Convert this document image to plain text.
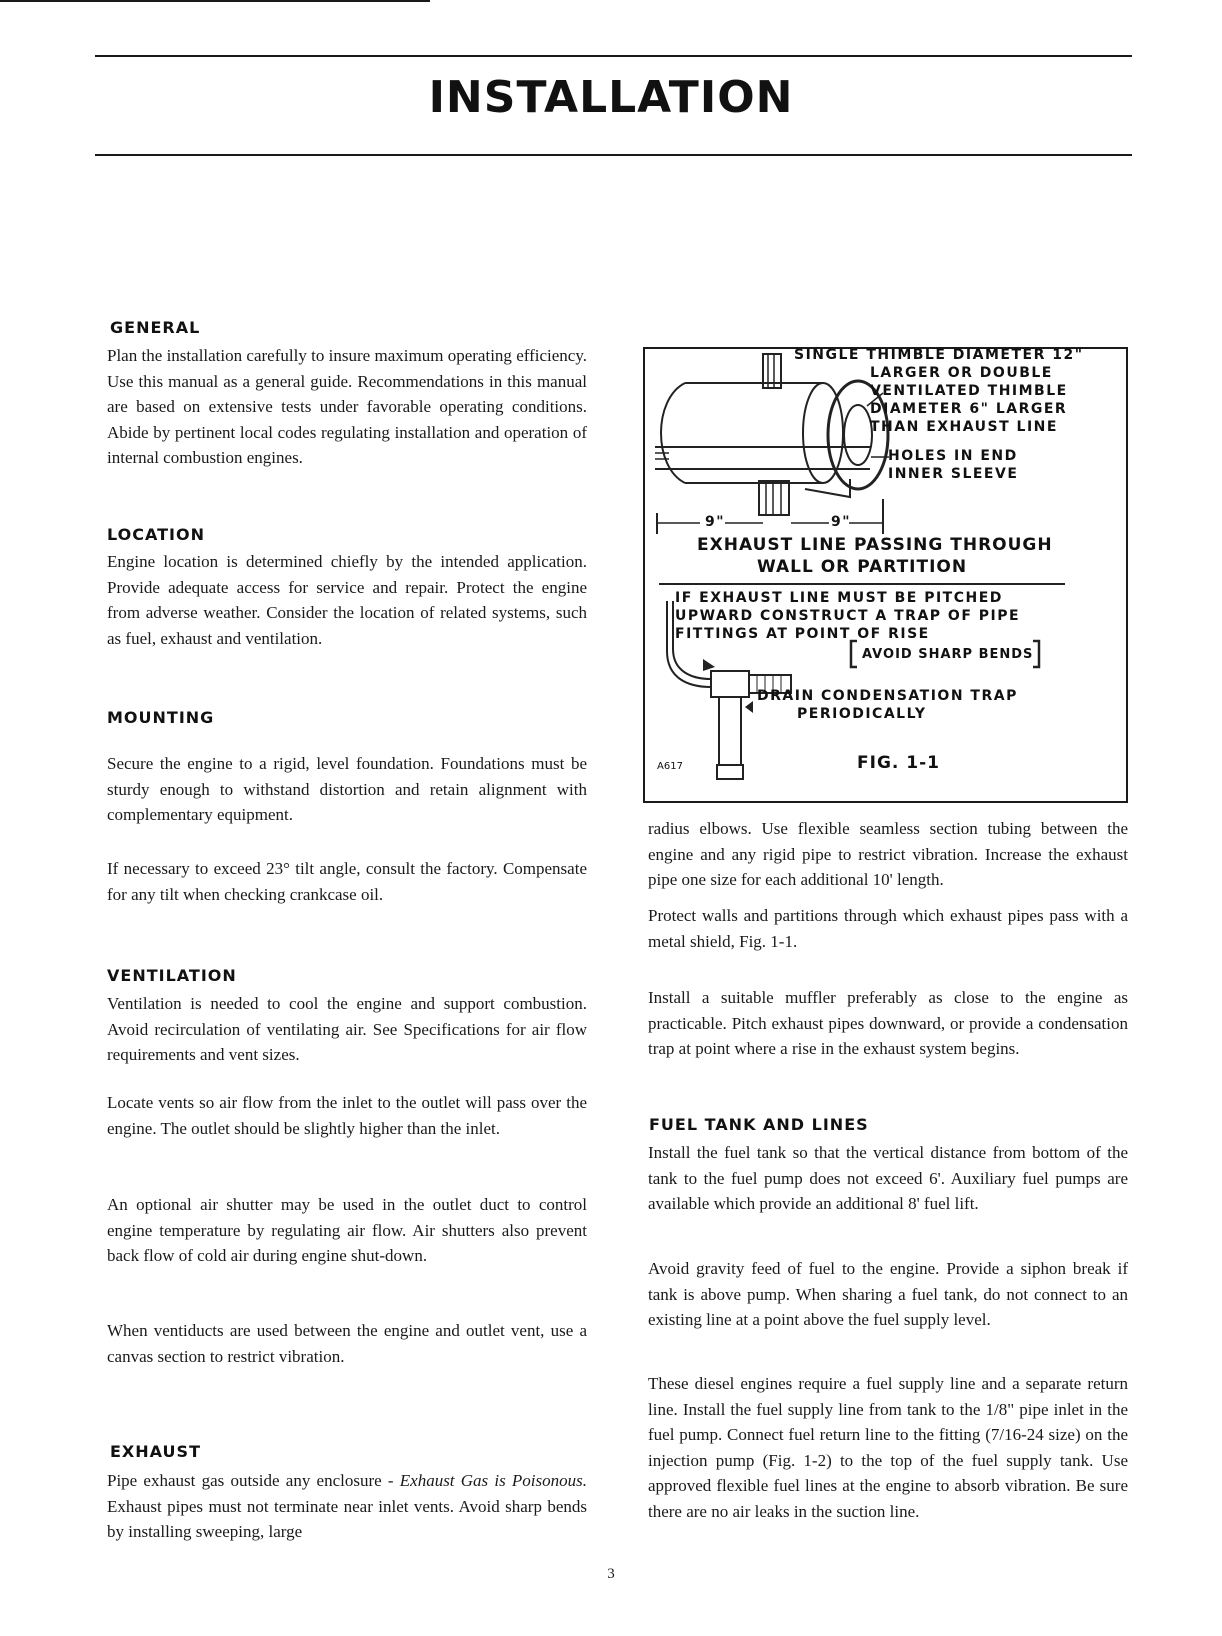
INSTALLATION
GENERAL

Plan the installation carefully to insure maximum operating efficiency. Use this manual as a general guide. Recommendations in this manual are based on extensive tests under favorable operating conditions. Abide by pertinent local codes regulating installation and operation of internal combustion engines.

LOCATION

Engine location is determined chiefly by the intended application. Provide adequate access for service and repair. Protect the engine from adverse weather. Consider the location of related systems, such as fuel, exhaust and ventilation.

MOUNTING

Secure the engine to a rigid, level foundation. Foundations must be sturdy enough to withstand distortion and retain alignment with complementary equipment.

If necessary to exceed 23° tilt angle, consult the factory. Compensate for any tilt when checking crankcase oil.

VENTILATION

Ventilation is needed to cool the engine and support combustion. Avoid recirculation of ventilating air. See Specifications for air flow requirements and vent sizes.

Locate vents so air flow from the inlet to the outlet will pass over the engine. The outlet should be slightly higher than the inlet.

An optional air shutter may be used in the outlet duct to control engine temperature by regulating air flow. Air shutters also prevent back flow of cold air during engine shut-down.

When ventiducts are used between the engine and outlet vent, use a canvas section to restrict vibration.

EXHAUST

Pipe exhaust gas outside any enclosure - Exhaust Gas is Poisonous. Exhaust pipes must not terminate near inlet vents. Avoid sharp bends by installing sweeping, large

SINGLE THIMBLE DIAMETER 12"
LARGER OR DOUBLE
VENTILATED THIMBLE
DIAMETER 6" LARGER
THAN EXHAUST LINE
HOLES IN END
INNER SLEEVE
9"	9"
EXHAUST LINE PASSING THROUGH
WALL OR PARTITION
IF EXHAUST LINE MUST BE PITCHED
UPWARD CONSTRUCT A TRAP OF PIPE
FITTINGS AT POINT OF RISE
AVOID SHARP BENDS
DRAIN CONDENSATION TRAP
PERIODICALLY
A617	FIG. 1-1

radius elbows. Use flexible seamless section tubing between the engine and any rigid pipe to restrict vibration. Increase the exhaust pipe one size for each additional 10' length.

Protect walls and partitions through which exhaust pipes pass with a metal shield, Fig. 1-1.

Install a suitable muffler preferably as close to the engine as practicable. Pitch exhaust pipes downward, or provide a condensation trap at point where a rise in the exhaust system begins.

FUEL TANK AND LINES

Install the fuel tank so that the vertical distance from bottom of the tank to the fuel pump does not exceed 6'. Auxiliary fuel pumps are available which provide an additional 8' fuel lift.

Avoid gravity feed of fuel to the engine. Provide a siphon break if tank is above pump. When sharing a fuel tank, do not connect to an existing line at a point above the fuel supply level.

These diesel engines require a fuel supply line and a separate return line. Install the fuel supply line from tank to the 1/8" pipe inlet in the fuel pump. Connect fuel return line to the fitting (7/16-24 size) on the injection pump (Fig. 1-2) to the top of the fuel supply tank. Use approved flexible fuel lines at the engine to absorb vibration. Be sure there are no air leaks in the suction line.

3
